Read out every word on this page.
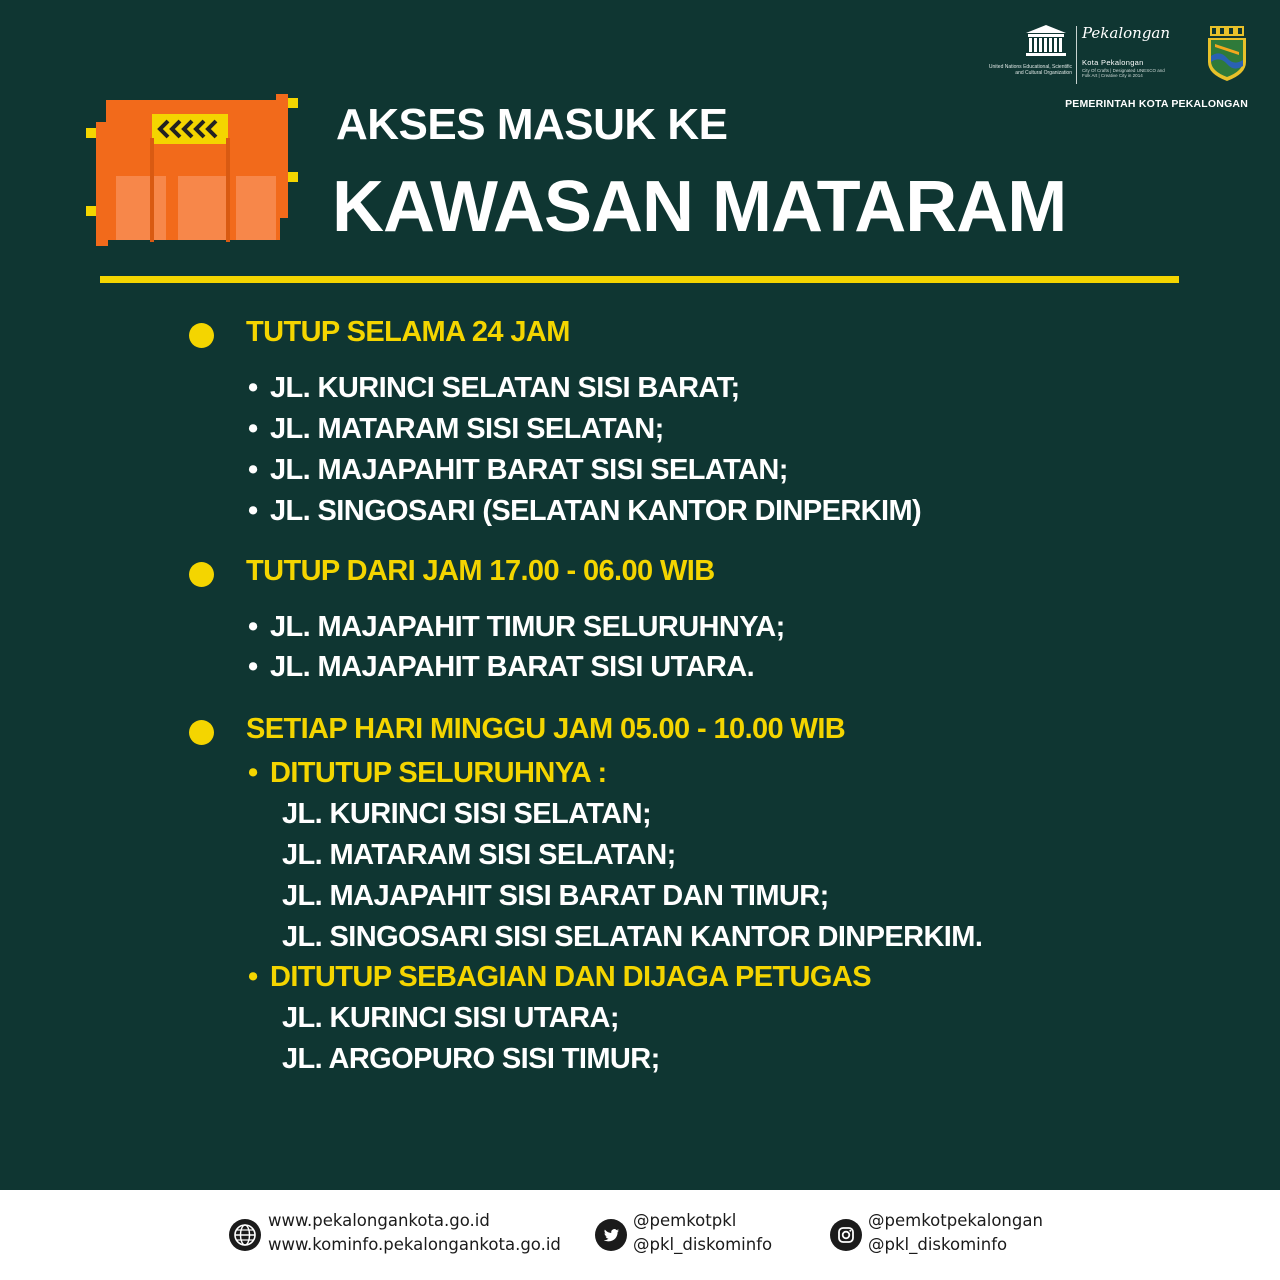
United Nations Educational, Scientific and Cultural Organization
Pekalongan
Kota Pekalongan
City Of Crafts | Designated UNESCO and Folk Art | Creative City in 2014
PEMERINTAH KOTA PEKALONGAN
AKSES MASUK KE
KAWASAN MATARAM
TUTUP SELAMA 24 JAM
• JL. KURINCI SELATAN SISI BARAT;
• JL. MATARAM SISI SELATAN;
• JL. MAJAPAHIT BARAT SISI SELATAN;
• JL. SINGOSARI (SELATAN KANTOR DINPERKIM)
TUTUP DARI JAM 17.00 - 06.00 WIB
• JL. MAJAPAHIT TIMUR SELURUHNYA;
• JL. MAJAPAHIT BARAT SISI UTARA.
SETIAP HARI MINGGU JAM 05.00 - 10.00 WIB
• DITUTUP SELURUHNYA :
JL. KURINCI SISI SELATAN;
JL. MATARAM SISI SELATAN;
JL. MAJAPAHIT SISI BARAT DAN TIMUR;
JL. SINGOSARI SISI SELATAN KANTOR DINPERKIM.
• DITUTUP SEBAGIAN DAN DIJAGA PETUGAS
JL. KURINCI SISI UTARA;
JL. ARGOPURO SISI TIMUR;
www.pekalongankota.go.id
www.kominfo.pekalongankota.go.id
@pemkotpkl
@pkl_diskominfo
@pemkotpekalongan
@pkl_diskominfo
